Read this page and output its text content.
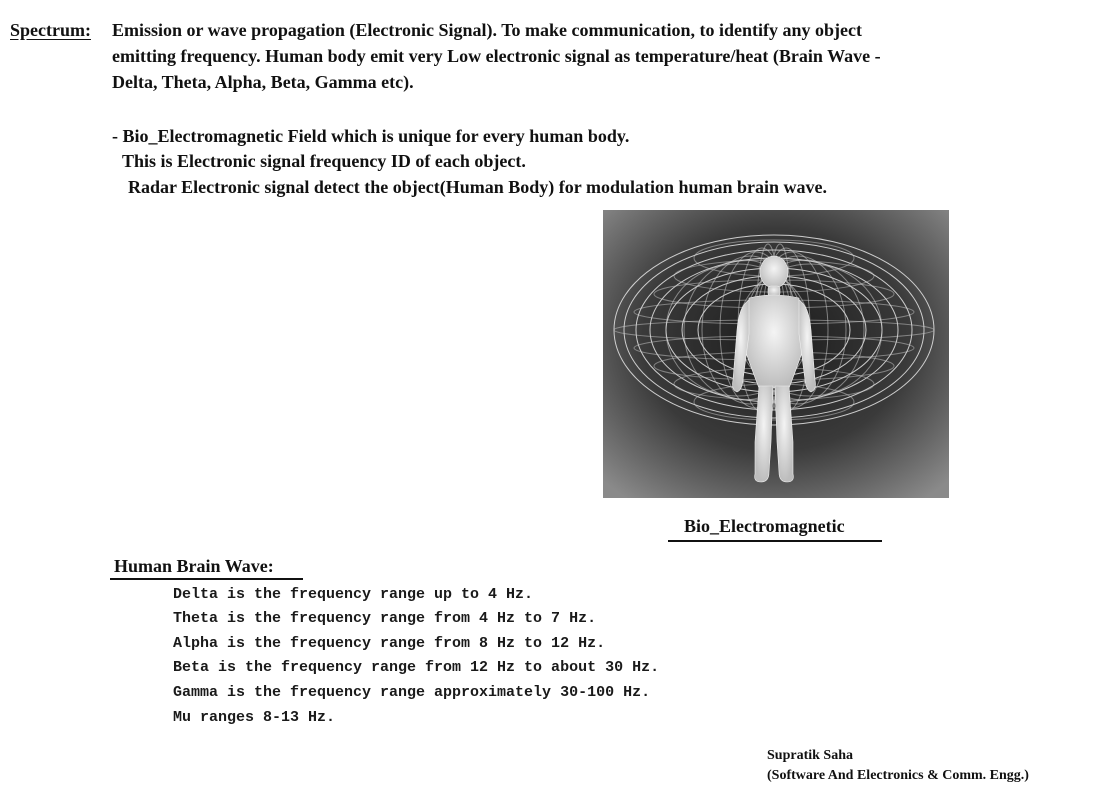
Spectrum: Emission or wave propagation (Electronic Signal). To make communication, to identify any object
emitting frequency. Human body emit very Low electronic signal as temperature/heat (Brain Wave -
Delta, Theta, Alpha, Beta, Gamma etc).
- Bio_Electromagnetic Field which is unique for every human body.
This is Electronic signal frequency ID of each object.
Radar Electronic signal detect the object(Human Body) for modulation human brain wave.
Bio_Electromagnetic
Human Brain Wave:
Delta is the frequency range up to 4 Hz.
Theta is the frequency range from 4 Hz to 7 Hz.
Alpha is the frequency range from 8 Hz to 12 Hz.
Beta is the frequency range from 12 Hz to about 30 Hz.
Gamma is the frequency range approximately 30-100 Hz.
Mu ranges 8-13 Hz.
Supratik Saha
(Software And Electronics & Comm. Engg.)
